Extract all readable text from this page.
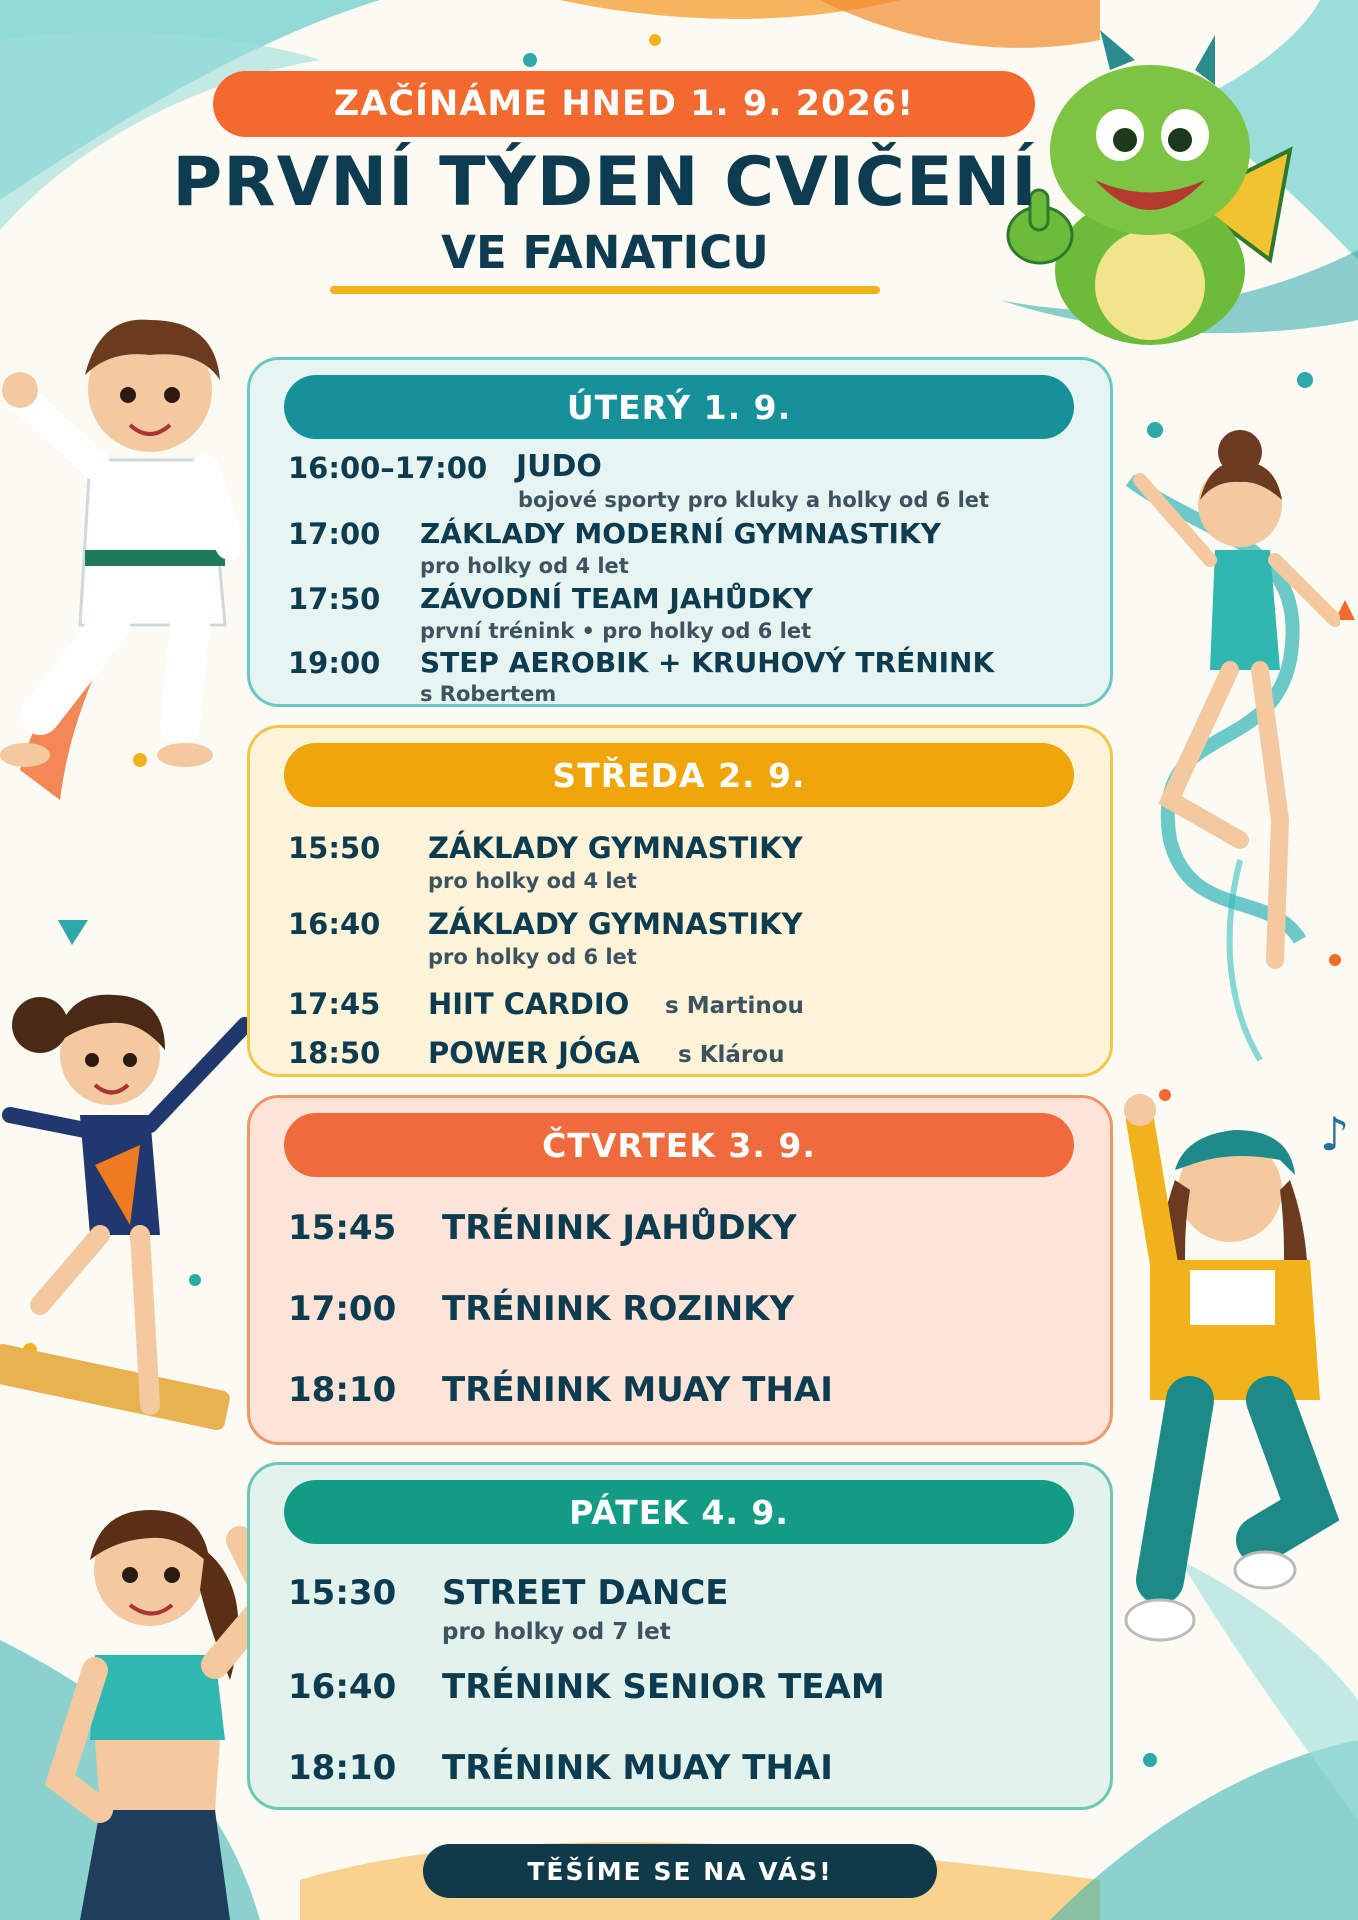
♪
ZAČÍNÁME HNED 1. 9. 2026!
PRVNÍ TÝDEN CVIČENÍ
VE FANATICU
ÚTERÝ 1. 9.
16:00–17:00 JUDO
bojové sporty pro kluky a holky od 6 let
17:00 ZÁKLADY MODERNÍ GYMNASTIKY
pro holky od 4 let
17:50 ZÁVODNÍ TEAM JAHŮDKY
první trénink • pro holky od 6 let
19:00 STEP AEROBIK + KRUHOVÝ TRÉNINK
s Robertem
STŘEDA 2. 9.
15:50 ZÁKLADY GYMNASTIKY
pro holky od 4 let
16:40 ZÁKLADY GYMNASTIKY
pro holky od 6 let
17:45 HIIT CARDIO s Martinou
18:50 POWER JÓGA s Klárou
ČTVRTEK 3. 9.
15:45 TRÉNINK JAHŮDKY
17:00 TRÉNINK ROZINKY
18:10 TRÉNINK MUAY THAI
PÁTEK 4. 9.
15:30 STREET DANCE
pro holky od 7 let
16:40 TRÉNINK SENIOR TEAM
18:10 TRÉNINK MUAY THAI
TĚŠÍME SE NA VÁS!
